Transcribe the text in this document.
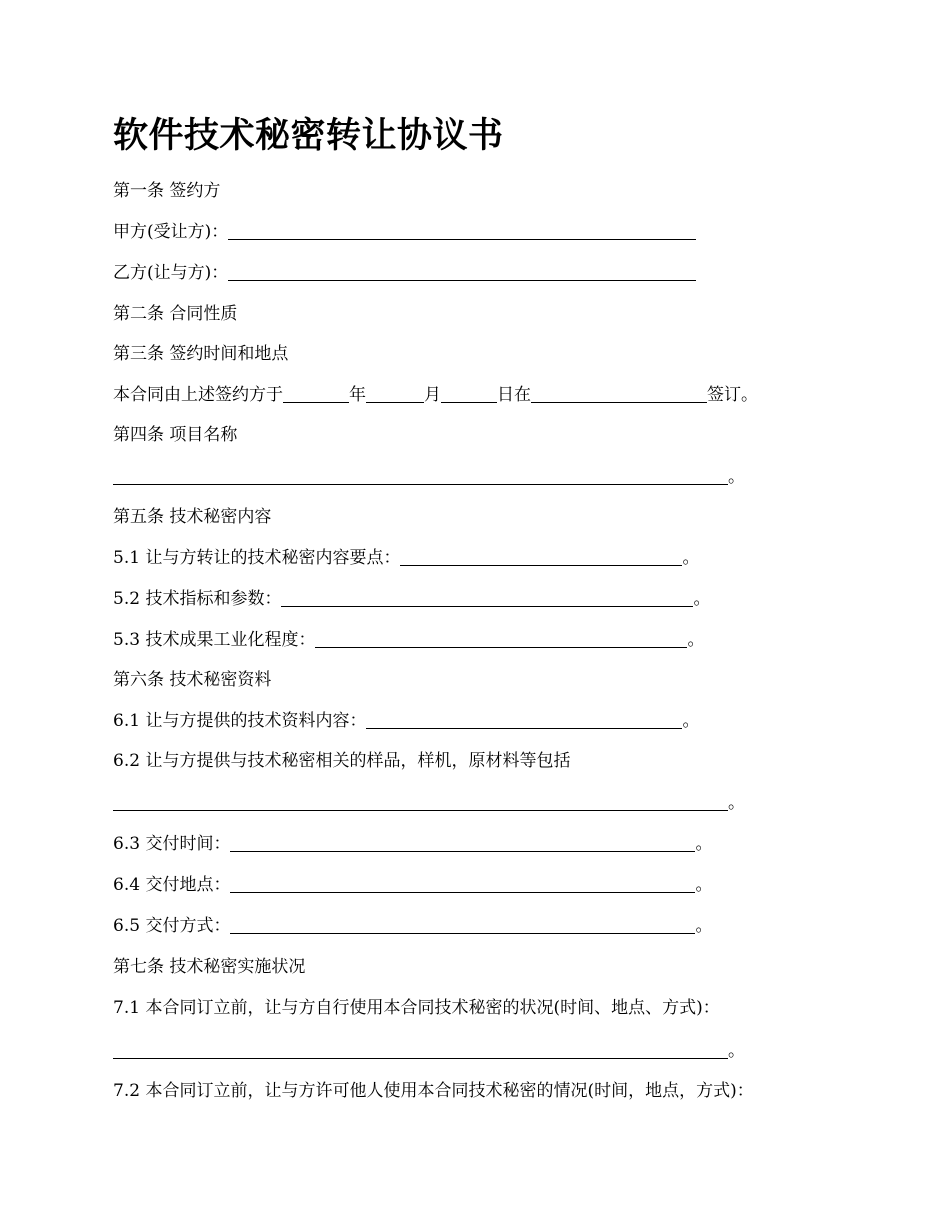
软件技术秘密转让协议书
第一条 签约方
甲方(受让方)：
乙方(让与方)：
第二条 合同性质
第三条 签约时间和地点
本合同由上述签约方于	年	月	日在	签订。
第四条 项目名称
。
第五条 技术秘密内容
5.1 让与方转让的技术秘密内容要点：	。
5.2 技术指标和参数：	。
5.3 技术成果工业化程度：	。
第六条 技术秘密资料
6.1 让与方提供的技术资料内容：	。
6.2 让与方提供与技术秘密相关的样品，样机，原材料等包括
。
6.3 交付时间：	。
6.4 交付地点：	。
6.5 交付方式：	。
第七条 技术秘密实施状况
7.1 本合同订立前，让与方自行使用本合同技术秘密的状况(时间、地点、方式)：
。
7.2 本合同订立前，让与方许可他人使用本合同技术秘密的情况(时间，地点，方式)：
